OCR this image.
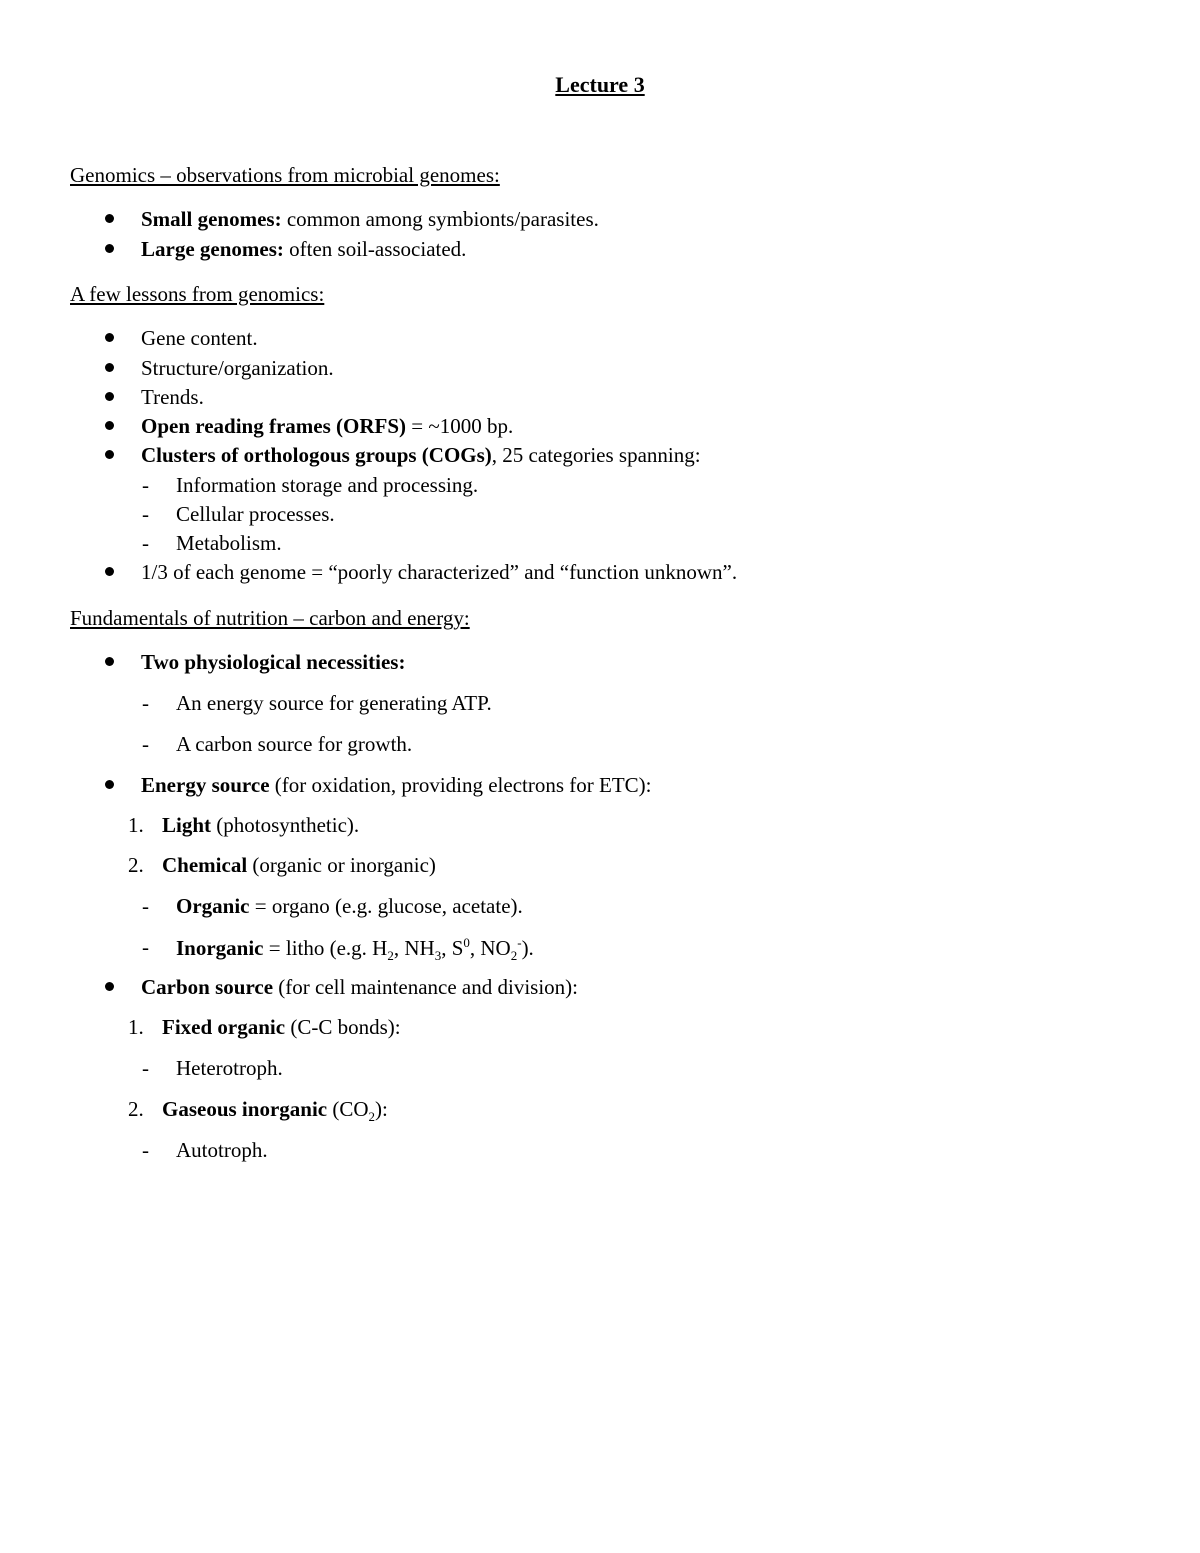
Lecture 3
Genomics – observations from microbial genomes:
Small genomes: common among symbionts/parasites.
Large genomes: often soil-associated.
A few lessons from genomics:
Gene content.
Structure/organization.
Trends.
Open reading frames (ORFS) = ~1000 bp.
Clusters of orthologous groups (COGs), 25 categories spanning:
- Information storage and processing.
- Cellular processes.
- Metabolism.
1/3 of each genome = “poorly characterized” and “function unknown”.
Fundamentals of nutrition – carbon and energy:
Two physiological necessities:
- An energy source for generating ATP.
- A carbon source for growth.
Energy source (for oxidation, providing electrons for ETC):
1. Light (photosynthetic).
2. Chemical (organic or inorganic)
- Organic = organo (e.g. glucose, acetate).
- Inorganic = litho (e.g. $H_2$, $NH_3$, $S^0$, $NO_2^-$).
Carbon source (for cell maintenance and division):
1. Fixed organic (C-C bonds):
- Heterotroph.
2. Gaseous inorganic $(CO_2)$:
- Autotroph.
